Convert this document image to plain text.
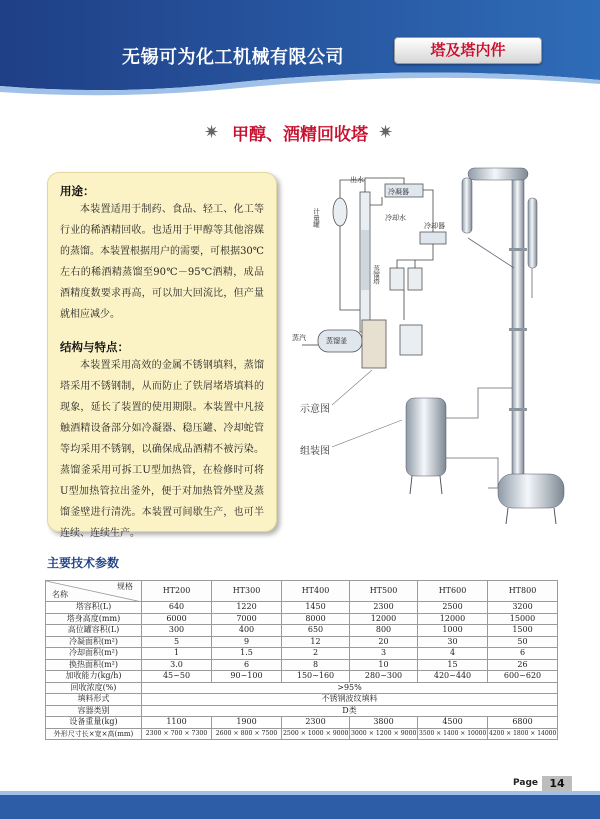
无锡可为化工机械有限公司	塔及塔内件
✷ 甲醇、酒精回收塔 ✷
用途：

本装置适用于制药、食品、轻工、化工等行业的稀酒精回收。也适用于甲醇等其他溶媒的蒸馏。本装置根据用户的需要，可根据30℃左右的稀酒精蒸馏至90℃－95℃酒精，成品酒精度数要求再高，可以加大回流比，但产量就相应减少。

结构与特点：

本装置采用高效的金属不锈钢填料，蒸馏塔采用不锈钢制，从而防止了铁屑堵塔填料的现象，延长了装置的使用期限。本装置中凡接触酒精设备部分如冷凝器、稳压罐、冷却蛇管等均采用不锈钢，以确保成品酒精不被污染。蒸馏釜采用可拆工U型加热管，在检修时可将U型加热管拉出釜外，便于对加热管外壁及蒸馏釜壁进行清洗。本装置可间歇生产，也可半连续、连续生产。

出水
冷凝器
计量罐	冷却水
冷却器
蒸馏塔
蒸馏釜
蒸汽
示意图
组装图
主要技术参数
规格
名称	HT200	HT300	HT400	HT500	HT600	HT800
塔容积(L)	640	1220	1450	2300	2500	3200
塔身高度(mm)	6000	7000	8000	12000	12000	15000
高位罐容积(L)	300	400	650	800	1000	1500
冷凝面积(m²)	5	9	12	20	30	50
冷却面积(m²)	1	1.5	2	3	4	6
换热面积(m²)	3.0	6	8	10	15	26
加收能力(kg/h)	45~50	90~100	150~160	280~300	420~440	600~620
回收浓度(%)	>95%					
填料形式	不锈钢波纹填料					
容器类别	D类					
设备重量(kg)	1100	1900	2300	3800	4500	6800
外形尺寸长×宽×高(mm)	2300 × 700 × 7300	2600 × 800 × 7500	2500 × 1000 × 9000	3000 × 1200 × 9000	3500 × 1400 × 10000	4200 × 1800 × 14000
Page	14
